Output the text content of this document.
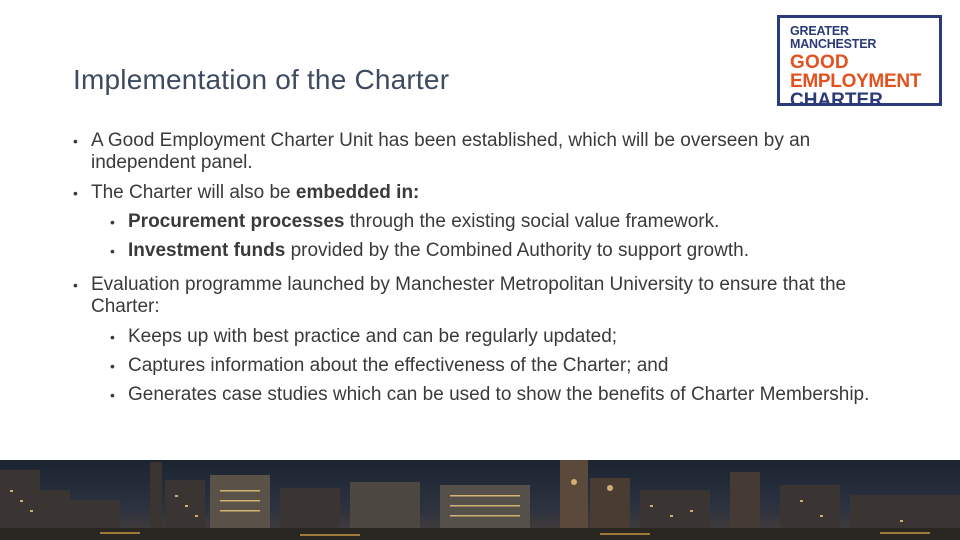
Implementation of the Charter
GREATER MANCHESTER
GOOD
EMPLOYMENT
CHARTER
• A Good Employment Charter Unit has been established, which will be overseen by an independent panel.
• The Charter will also be embedded in:
• Procurement processes through the existing social value framework.
• Investment funds provided by the Combined Authority to support growth.
• Evaluation programme launched by Manchester Metropolitan University to ensure that the Charter:
• Keeps up with best practice and can be regularly updated;
• Captures information about the effectiveness of the Charter; and
• Generates case studies which can be used to show the benefits of Charter Membership.
